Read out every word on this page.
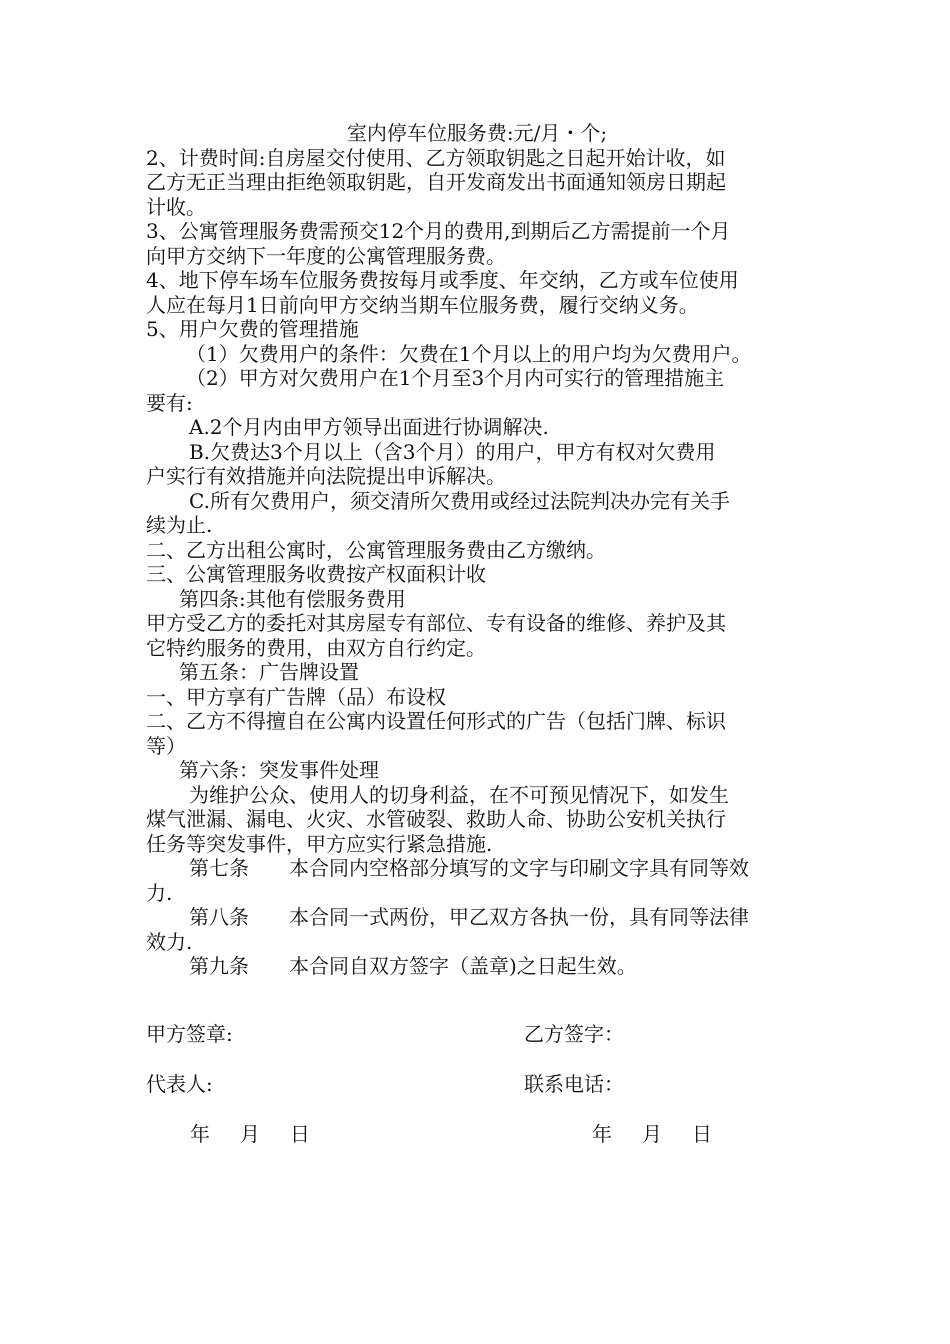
室内停车位服务费:元/月・个;
2、计费时间:自房屋交付使用、乙方领取钥匙之日起开始计收，如
乙方无正当理由拒绝领取钥匙，自开发商发出书面通知领房日期起
计收。
3、公寓管理服务费需预交12个月的费用,到期后乙方需提前一个月
向甲方交纳下一年度的公寓管理服务费。
4、地下停车场车位服务费按每月或季度、年交纳，乙方或车位使用
人应在每月1日前向甲方交纳当期车位服务费，履行交纳义务。
5、用户欠费的管理措施
（1）欠费用户的条件：欠费在1个月以上的用户均为欠费用户。
（2）甲方对欠费用户在1个月至3个月内可实行的管理措施主
要有:
A.2个月内由甲方领导出面进行协调解决.
B.欠费达3个月以上（含3个月）的用户，甲方有权对欠费用
户实行有效措施并向法院提出申诉解决。
C.所有欠费用户，须交清所欠费用或经过法院判决办完有关手
续为止.
二、乙方出租公寓时，公寓管理服务费由乙方缴纳。
三、公寓管理服务收费按产权面积计收
第四条:其他有偿服务费用
甲方受乙方的委托对其房屋专有部位、专有设备的维修、养护及其
它特约服务的费用，由双方自行约定。
第五条：广告牌设置
一、甲方享有广告牌（品）布设权
二、乙方不得擅自在公寓内设置任何形式的广告（包括门牌、标识
等）
第六条：突发事件处理
为维护公众、使用人的切身利益，在不可预见情况下，如发生
煤气泄漏、漏电、火灾、水管破裂、救助人命、协助公安机关执行
任务等突发事件，甲方应实行紧急措施.
第七条　　本合同内空格部分填写的文字与印刷文字具有同等效
力.
第八条　　本合同一式两份，甲乙双方各执一份，具有同等法律
效力.
第九条　　本合同自双方签字（盖章)之日起生效。
甲方签章:	乙方签字：
代表人:	联系电话：
年 月 日	年 月 日
